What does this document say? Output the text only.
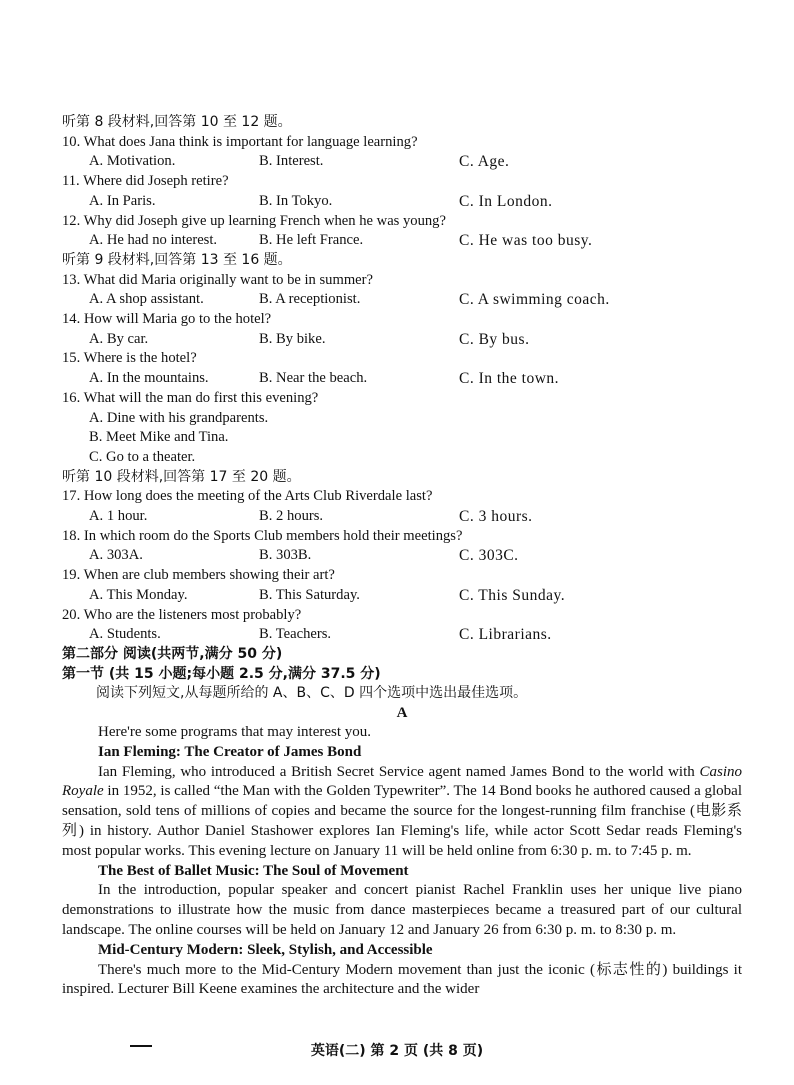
听第 8 段材料,回答第 10 至 12 题。
10. What does Jana think is important for language learning?
A. Motivation.	B. Interest.	C. Age.
11. Where did Joseph retire?
A. In Paris.	B. In Tokyo.	C. In London.
12. Why did Joseph give up learning French when he was young?
A. He had no interest.	B. He left France.	C. He was too busy.
听第 9 段材料,回答第 13 至 16 题。
13. What did Maria originally want to be in summer?
A. A shop assistant.	B. A receptionist.	C. A swimming coach.
14. How will Maria go to the hotel?
A. By car.	B. By bike.	C. By bus.
15. Where is the hotel?
A. In the mountains.	B. Near the beach.	C. In the town.
16. What will the man do first this evening?
A. Dine with his grandparents.
B. Meet Mike and Tina.
C. Go to a theater.
听第 10 段材料,回答第 17 至 20 题。
17. How long does the meeting of the Arts Club Riverdale last?
A. 1 hour.	B. 2 hours.	C. 3 hours.
18. In which room do the Sports Club members hold their meetings?
A. 303A.	B. 303B.	C. 303C.
19. When are club members showing their art?
A. This Monday.	B. This Saturday.	C. This Sunday.
20. Who are the listeners most probably?
A. Students.	B. Teachers.	C. Librarians.
第二部分 阅读(共两节,满分 50 分)
第一节 (共 15 小题;每小题 2.5 分,满分 37.5 分)
阅读下列短文,从每题所给的 A、B、C、D 四个选项中选出最佳选项。
A
Here're some programs that may interest you.
Ian Fleming: The Creator of James Bond
Ian Fleming, who introduced a British Secret Service agent named James Bond to the world with Casino Royale in 1952, is called “the Man with the Golden Typewriter”. The 14 Bond books he authored caused a global sensation, sold tens of millions of copies and became the source for the longest-running film franchise (电影系列) in history. Author Daniel Stashower explores Ian Fleming's life, while actor Scott Sedar reads Fleming's most popular works. This evening lecture on January 11 will be held online from 6:30 p. m. to 7:45 p. m.
The Best of Ballet Music: The Soul of Movement
In the introduction, popular speaker and concert pianist Rachel Franklin uses her unique live piano demonstrations to illustrate how the music from dance masterpieces became a treasured part of our cultural landscape. The online courses will be held on January 12 and January 26 from 6:30 p. m. to 8:30 p. m.
Mid-Century Modern: Sleek, Stylish, and Accessible
There's much more to the Mid-Century Modern movement than just the iconic (标志性的) buildings it inspired. Lecturer Bill Keene examines the architecture and the wider
英语(二) 第 2 页 (共 8 页)
